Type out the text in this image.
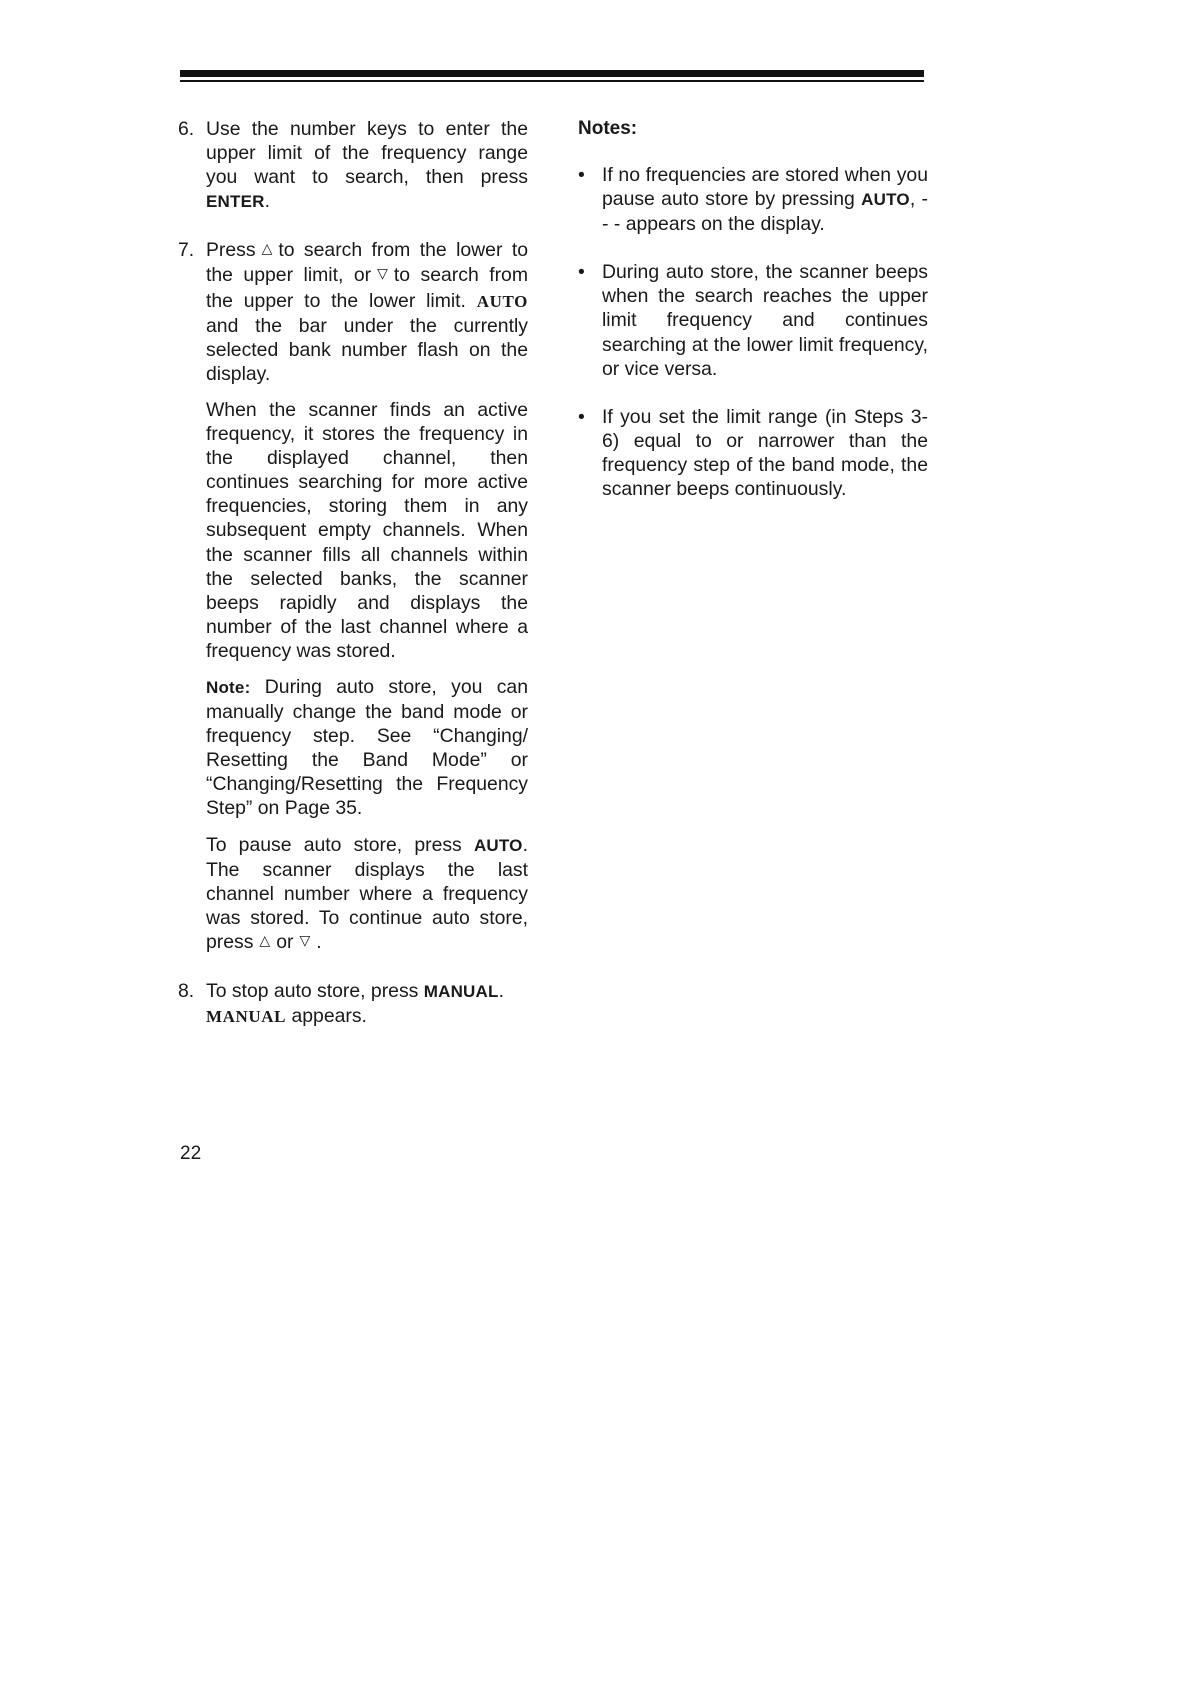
6. Use the number keys to enter the upper limit of the frequency range you want to search, then press ENTER.

7. Press △ to search from the lower to the upper limit, or ▽ to search from the upper to the lower limit. AUTO and the bar under the currently selected bank number flash on the display.

When the scanner finds an active frequency, it stores the frequency in the displayed channel, then continues searching for more active frequencies, storing them in any subsequent empty channels. When the scanner fills all channels within the selected banks, the scanner beeps rapidly and displays the number of the last channel where a frequency was stored.

Note: During auto store, you can manually change the band mode or frequency step. See “Changing/ Resetting the Band Mode” or “Changing/Resetting the Frequency Step” on Page 35.

To pause auto store, press AUTO. The scanner displays the last channel number where a frequency was stored. To continue auto store, press △ or ▽ .

8. To stop auto store, press MANUAL.
MANUAL appears.

Notes:
• If no frequencies are stored when you pause auto store by pressing AUTO, - - - appears on the display.

• During auto store, the scanner beeps when the search reaches the upper limit frequency and continues searching at the lower limit frequency, or vice versa.

• If you set the limit range (in Steps 3-6) equal to or narrower than the frequency step of the band mode, the scanner beeps continuously.

22
